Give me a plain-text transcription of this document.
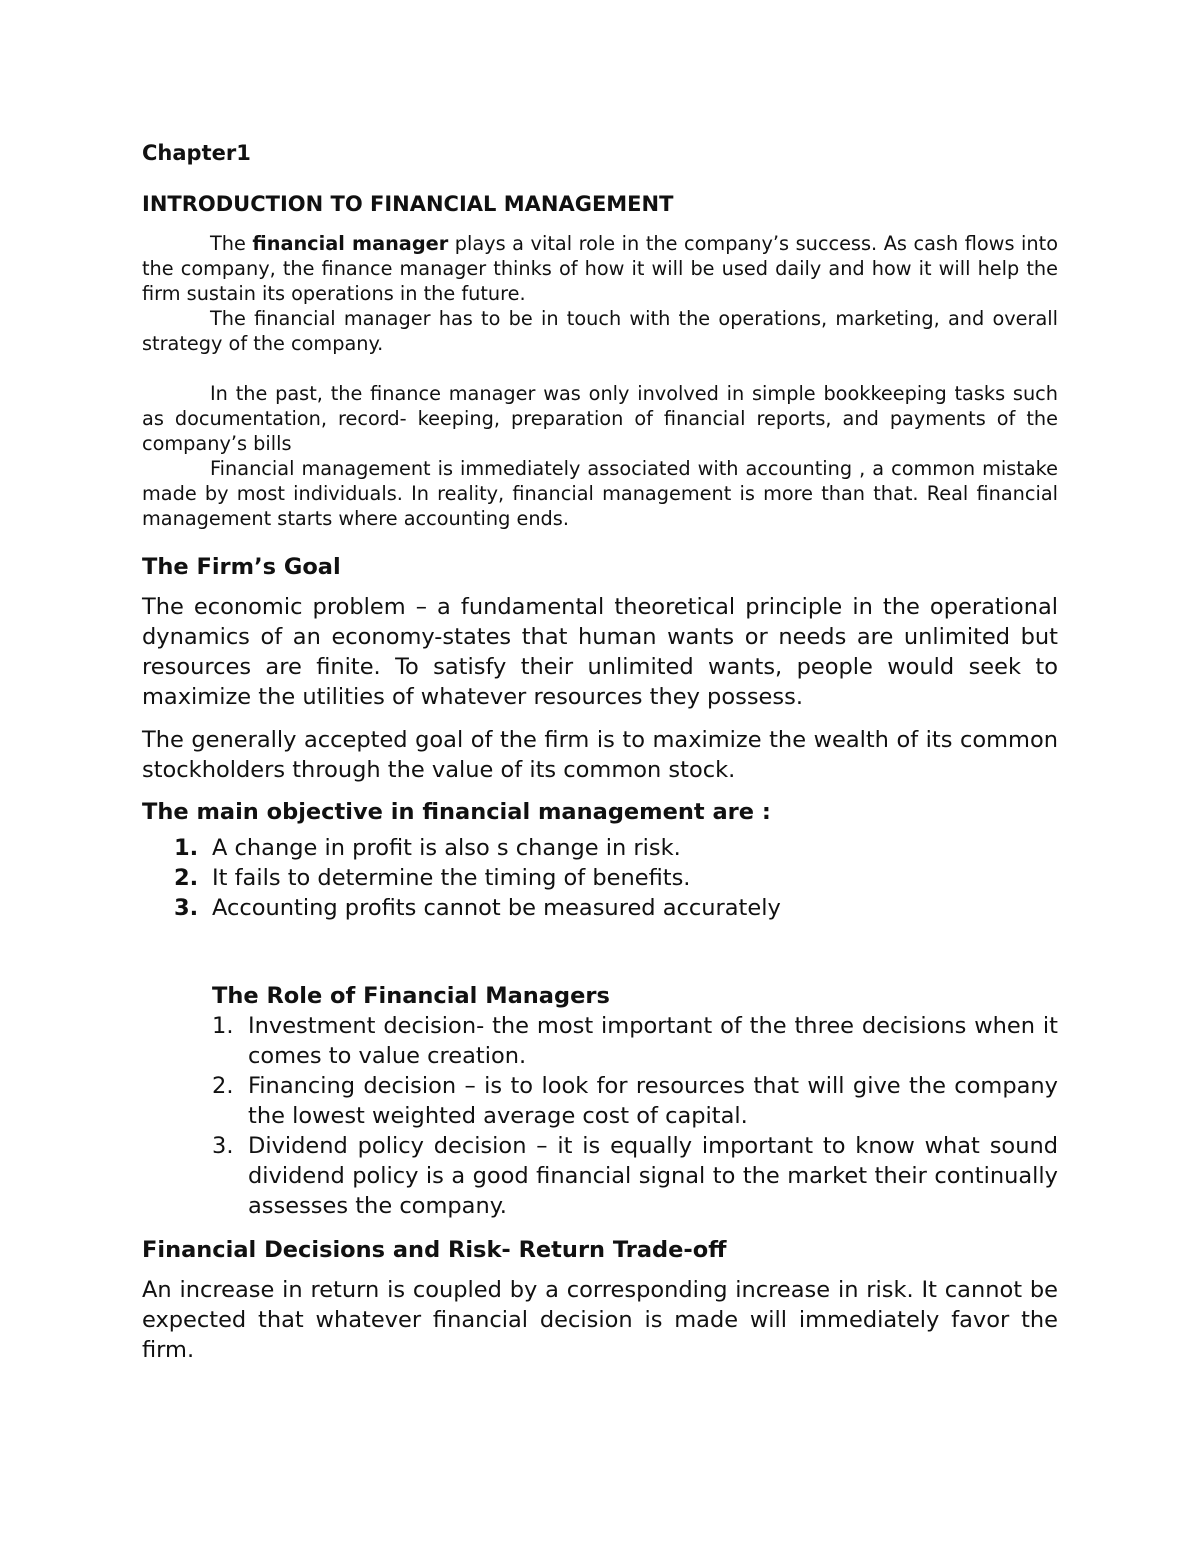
Chapter1
INTRODUCTION TO FINANCIAL MANAGEMENT

The financial manager plays a vital role in the company’s success. As cash flows into the company, the finance manager thinks of how it will be used daily and how it will help the firm sustain its operations in the future.

The financial manager has to be in touch with the operations, marketing, and overall strategy of the company.

In the past, the finance manager was only involved in simple bookkeeping tasks such as documentation, record- keeping, preparation of financial reports, and payments of the company’s bills

Financial management is immediately associated with accounting , a common mistake made by most individuals. In reality, financial management is more than that. Real financial management starts where accounting ends.

The Firm’s Goal

The economic problem – a fundamental theoretical principle in the operational dynamics of an economy-states that human wants or needs are unlimited but resources are finite. To satisfy their unlimited wants, people would seek to maximize the utilities of whatever resources they possess.

The generally accepted goal of the firm is to maximize the wealth of its common stockholders through the value of its common stock.

The main objective in financial management are :
1. A change in profit is also s change in risk.
2. It fails to determine the timing of benefits.
3. Accounting profits cannot be measured accurately
The Role of Financial Managers
1. Investment decision- the most important of the three decisions when it comes to value creation.
2. Financing decision – is to look for resources that will give the company the lowest weighted average cost of capital.
3. Dividend policy decision – it is equally important to know what sound dividend policy is a good financial signal to the market their continually assesses the company.
Financial Decisions and Risk- Return Trade-off

An increase in return is coupled by a corresponding increase in risk. It cannot be expected that whatever financial decision is made will immediately favor the firm.
